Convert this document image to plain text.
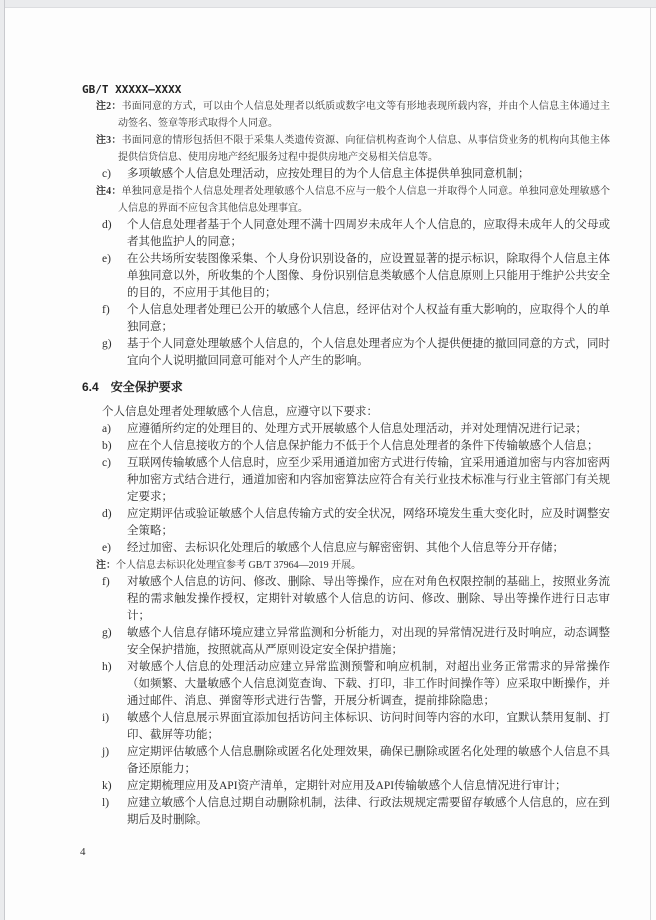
GB/T XXXXX—XXXX
注2：书面同意的方式，可以由个人信息处理者以纸质或数字电文等有形地表现所载内容，并由个人信息主体通过主动签名、签章等形式取得个人同意。
注3：书面同意的情形包括但不限于采集人类遗传资源、向征信机构查询个人信息、从事信贷业务的机构向其他主体提供信贷信息、使用房地产经纪服务过程中提供房地产交易相关信息等。
c) 多项敏感个人信息处理活动，应按处理目的为个人信息主体提供单独同意机制；
注4：单独同意是指个人信息处理者处理敏感个人信息不应与一般个人信息一并取得个人同意。单独同意处理敏感个人信息的界面不应包含其他信息处理事宜。
d) 个人信息处理者基于个人同意处理不满十四周岁未成年人个人信息的，应取得未成年人的父母或者其他监护人的同意；
e) 在公共场所安装图像采集、个人身份识别设备的，应设置显著的提示标识，除取得个人信息主体单独同意以外，所收集的个人图像、身份识别信息类敏感个人信息原则上只能用于维护公共安全的目的，不应用于其他目的；
f) 个人信息处理者处理已公开的敏感个人信息，经评估对个人权益有重大影响的，应取得个人的单独同意；
g) 基于个人同意处理敏感个人信息的，个人信息处理者应为个人提供便捷的撤回同意的方式，同时宜向个人说明撤回同意可能对个人产生的影响。
6.4 安全保护要求
个人信息处理者处理敏感个人信息，应遵守以下要求：
a) 应遵循所约定的处理目的、处理方式开展敏感个人信息处理活动，并对处理情况进行记录；
b) 应在个人信息接收方的个人信息保护能力不低于个人信息处理者的条件下传输敏感个人信息；
c) 互联网传输敏感个人信息时，应至少采用通道加密方式进行传输，宜采用通道加密与内容加密两种加密方式结合进行，通道加密和内容加密算法应符合有关行业技术标准与行业主管部门有关规定要求；
d) 应定期评估或验证敏感个人信息传输方式的安全状况，网络环境发生重大变化时，应及时调整安全策略；
e) 经过加密、去标识化处理后的敏感个人信息应与解密密钥、其他个人信息等分开存储；
注：个人信息去标识化处理宜参考 GB/T 37964—2019 开展。
f) 对敏感个人信息的访问、修改、删除、导出等操作，应在对角色权限控制的基础上，按照业务流程的需求触发操作授权，定期针对敏感个人信息的访问、修改、删除、导出等操作进行日志审计；
g) 敏感个人信息存储环境应建立异常监测和分析能力，对出现的异常情况进行及时响应，动态调整安全保护措施，按照就高从严原则设定安全保护措施；
h) 对敏感个人信息的处理活动应建立异常监测预警和响应机制，对超出业务正常需求的异常操作（如频繁、大量敏感个人信息浏览查询、下载、打印，非工作时间操作等）应采取中断操作，并通过邮件、消息、弹窗等形式进行告警，开展分析调查，提前排除隐患；
i) 敏感个人信息展示界面宜添加包括访问主体标识、访问时间等内容的水印，宜默认禁用复制、打印、截屏等功能；
j) 应定期评估敏感个人信息删除或匿名化处理效果，确保已删除或匿名化处理的敏感个人信息不具备还原能力；
k) 应定期梳理应用及API资产清单，定期针对应用及API传输敏感个人信息情况进行审计；
l) 应建立敏感个人信息过期自动删除机制，法律、行政法规规定需要留存敏感个人信息的，应在到期后及时删除。
4
